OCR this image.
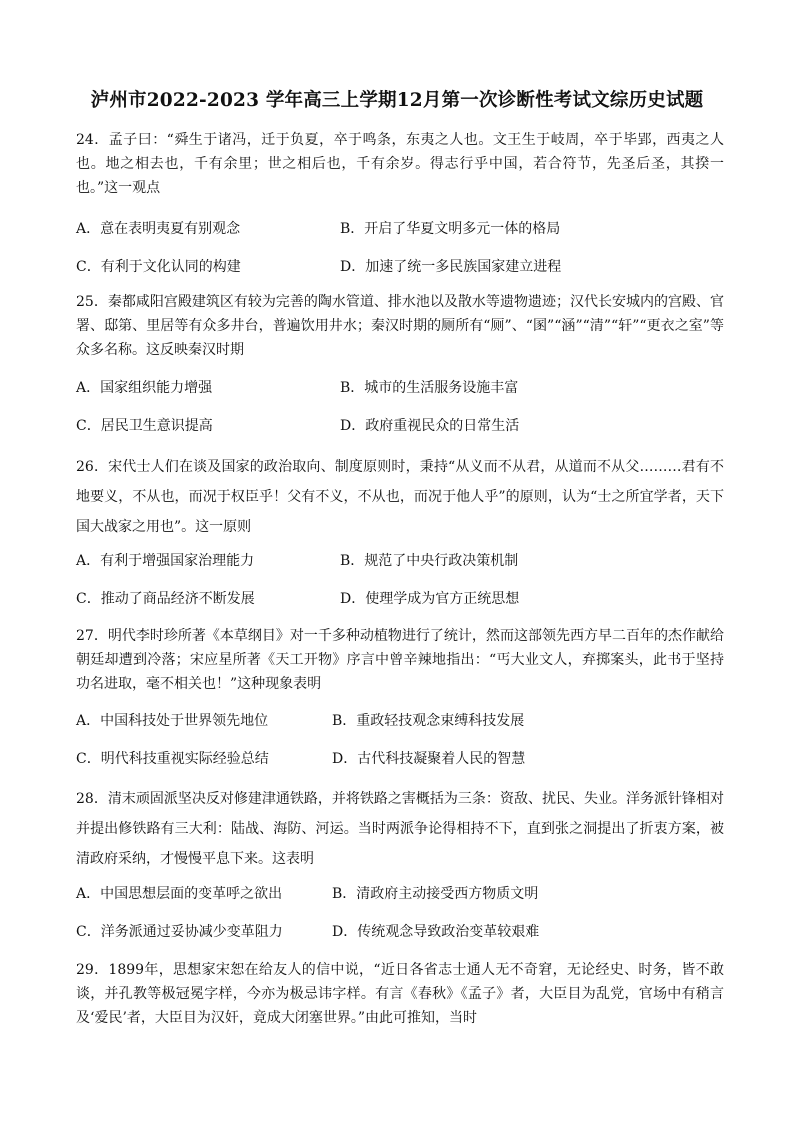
泸州市2022-2023 学年高三上学期12月第一次诊断性考试文综历史试题

24．孟子曰：“舜生于诸冯，迁于负夏，卒于鸣条，东夷之人也。文王生于岐周，卒于毕郢，西夷之人也。地之相去也，千有余里；世之相后也，千有余岁。得志行乎中国，若合符节，先圣后圣，其揆一也。”这一观点

A．意在表明夷夏有别观念	B．开启了华夏文明多元一体的格局
C．有利于文化认同的构建	D．加速了统一多民族国家建立进程

25．秦都咸阳宫殿建筑区有较为完善的陶水管道、排水池以及散水等遗物遗迹；汉代长安城内的宫殿、官署、邸第、里居等有众多井台，普遍饮用井水；秦汉时期的厕所有“厕”、“圂”“涵”“清”“轩”“更衣之室”等众多名称。这反映秦汉时期

A．国家组织能力增强	B．城市的生活服务设施丰富
C．居民卫生意识提高	D．政府重视民众的日常生活

26．宋代士人们在谈及国家的政治取向、制度原则时，秉持“从义而不从君，从道而不从父………君有不地要义，不从也，而况于权臣乎！父有不义，不从也，而况于他人乎”的原则，认为“士之所宜学者，天下国大战家之用也”。这一原则

A．有利于增强国家治理能力	B．规范了中央行政决策机制
C．推动了商品经济不断发展	D．使理学成为官方正统思想

27．明代李时珍所著《本草纲目》对一千多种动植物进行了统计，然而这部领先西方早二百年的杰作献给朝廷却遭到冷落；宋应星所著《天工开物》序言中曾辛辣地指出：“丐大业文人，弃掷案头，此书于坚持功名进取，毫不相关也！”这种现象表明

A．中国科技处于世界领先地位	B．重政轻技观念束缚科技发展
C．明代科技重视实际经验总结	D．古代科技凝聚着人民的智慧

28．清末顽固派坚决反对修建津通铁路，并将铁路之害概括为三条：资敌、扰民、失业。洋务派针锋相对并提出修铁路有三大利：陆战、海防、河运。当时两派争论得相持不下，直到张之洞提出了折衷方案，被清政府采纳，才慢慢平息下来。这表明

A．中国思想层面的变革呼之欲出	B．清政府主动接受西方物质文明
C．洋务派通过妥协减少变革阻力	D．传统观念导致政治变革较艰难

29．1899年，思想家宋恕在给友人的信中说，“近日各省志士通人无不奇窘，无论经史、时务，皆不敢谈，并孔教等极冠冕字样，今亦为极忌讳字样。有言《春秋》《孟子》者，大臣目为乱党，官场中有稍言及‘爱民’者，大臣目为汉奸，竟成大闭塞世界。”由此可推知，当时
